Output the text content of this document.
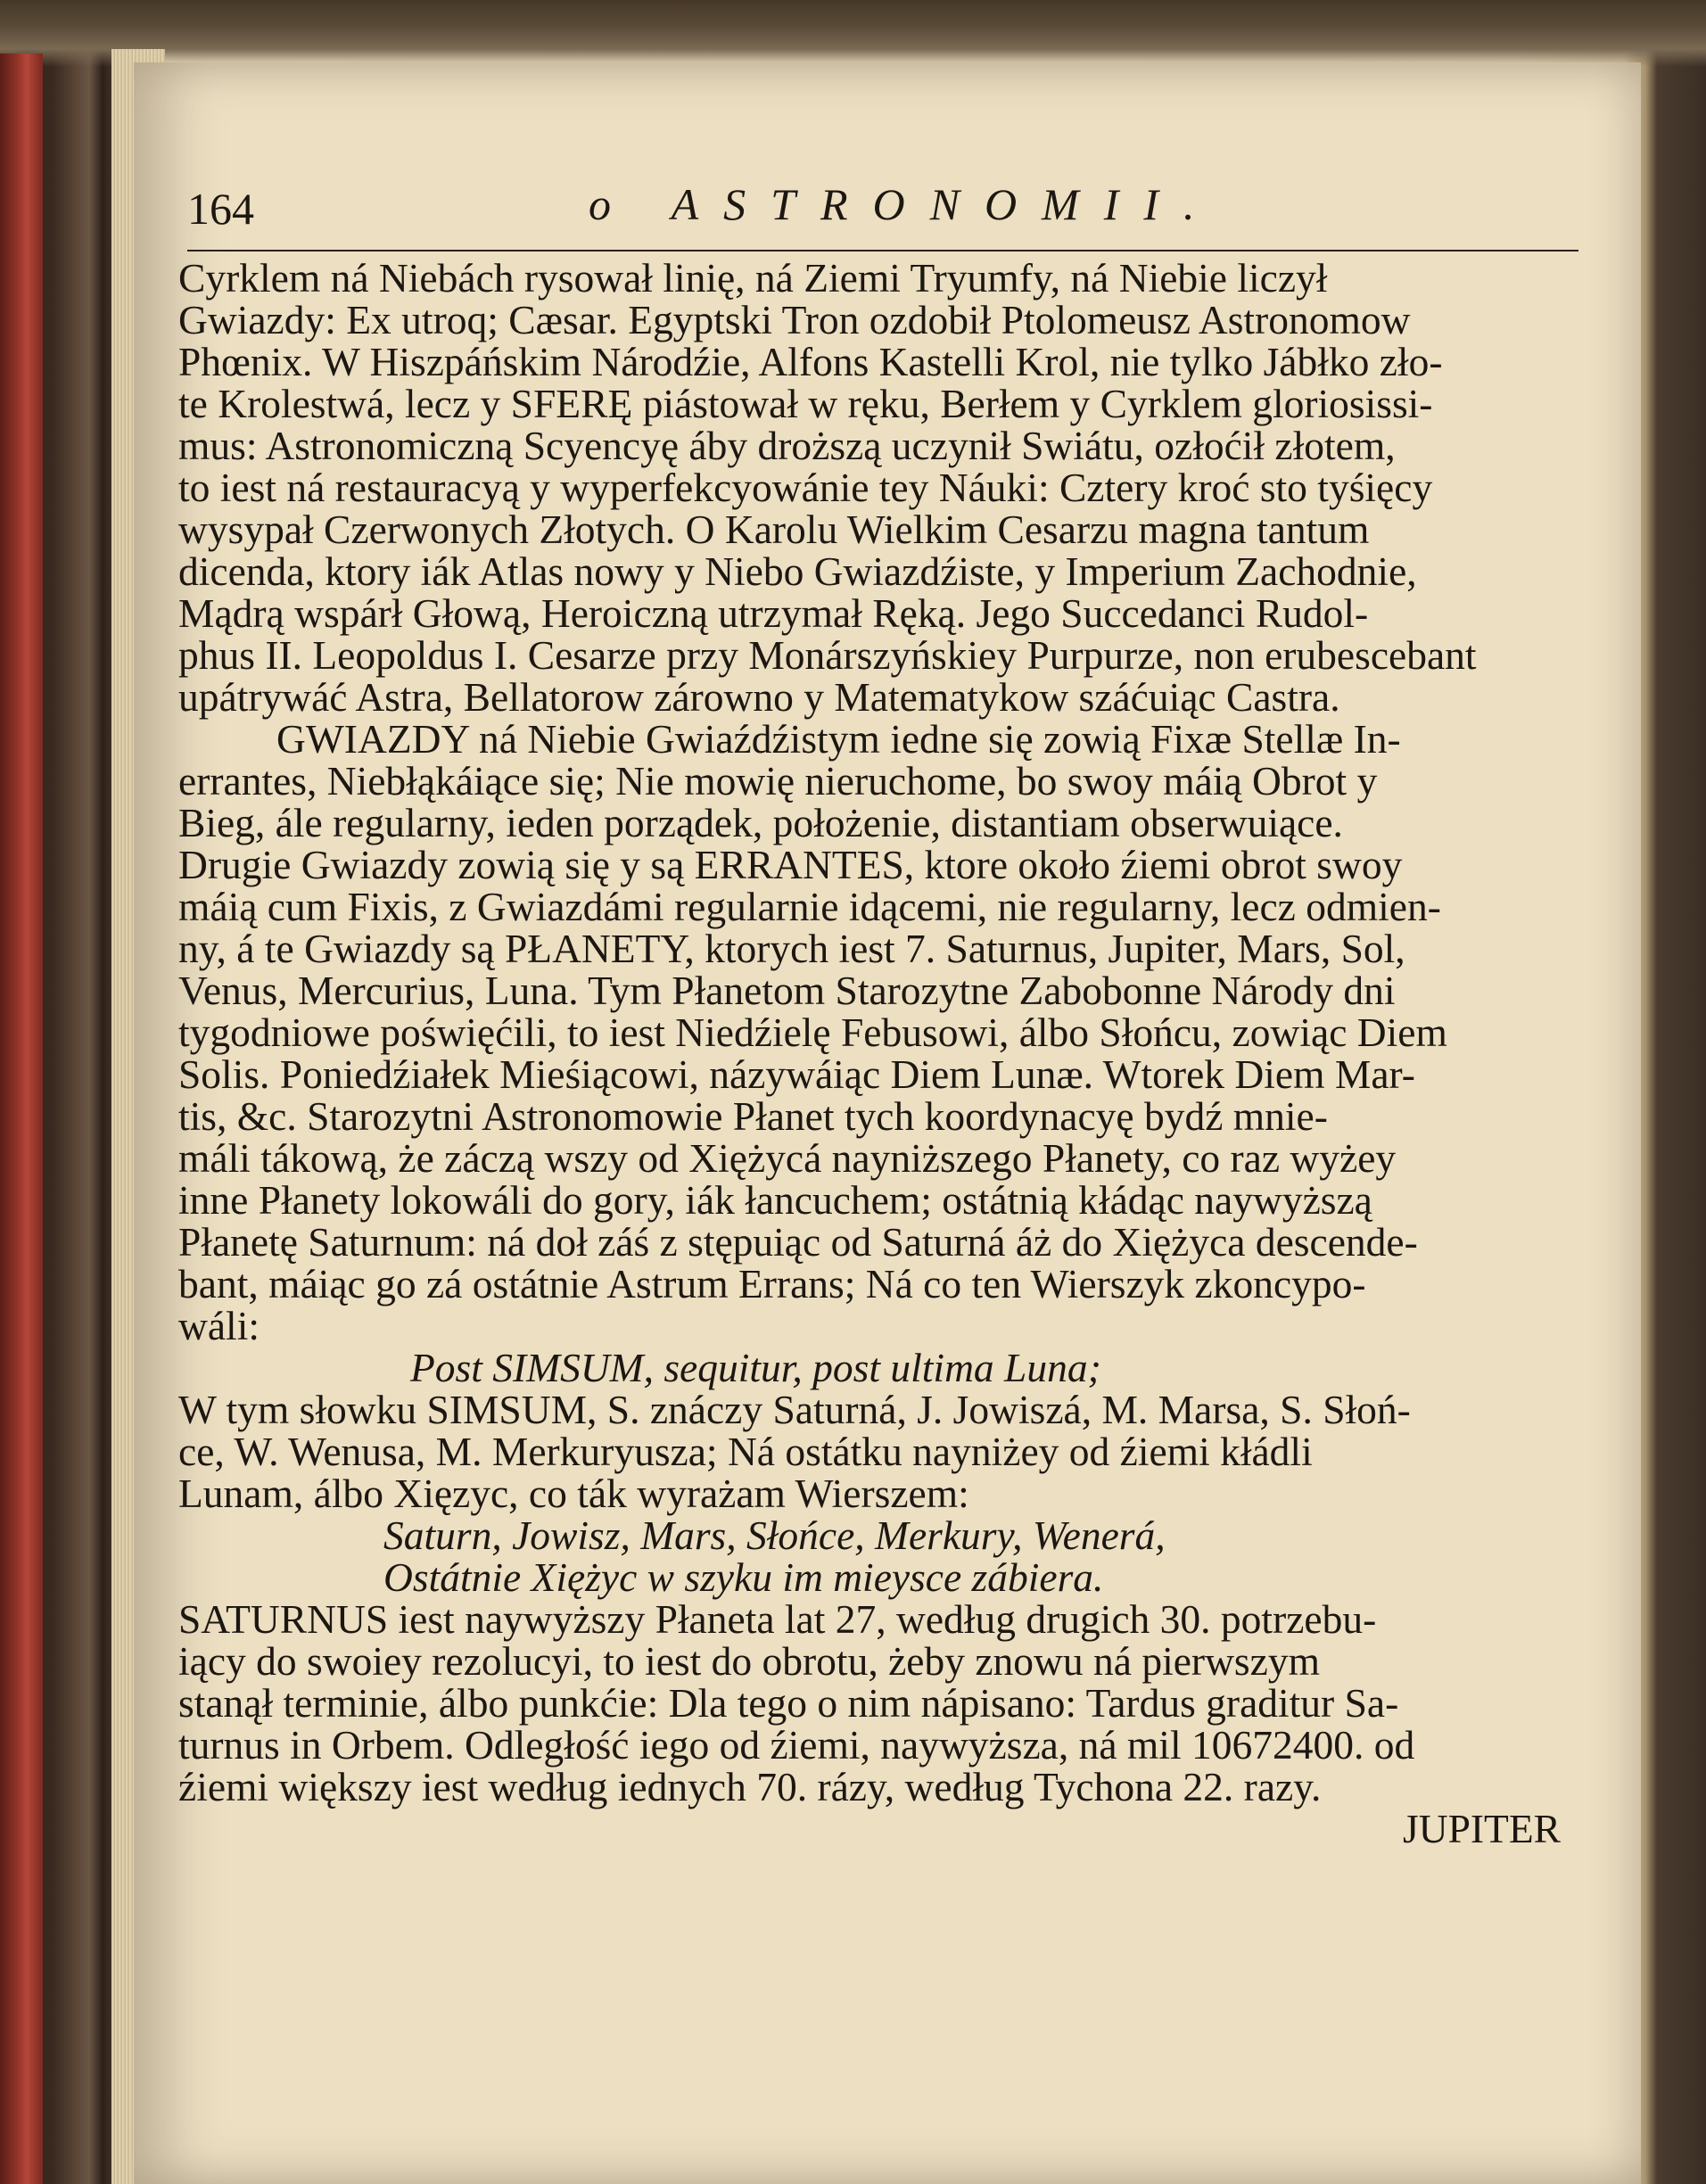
164	o ASTRONOMII.
Cyrklem ná Niebách rysował linię, ná Ziemi Tryumfy, ná Niebie liczył
Gwiazdy: Ex utroq; Cæsar. Egyptski Tron ozdobił Ptolomeusz Astronomow
Phœnix. W Hiszpáńskim Národźie, Alfons Kastelli Krol, nie tylko Jábłko zło-
te Krolestwá, lecz y SFERĘ piástował w ręku, Berłem y Cyrklem gloriosissi-
mus: Astronomiczną Scyencyę áby droższą uczynił Swiátu, ozłoćił złotem,
to iest ná restauracyą y wyperfekcyowánie tey Náuki: Cztery kroć sto tyśięcy
wysypał Czerwonych Złotych. O Karolu Wielkim Cesarzu magna tantum
dicenda, ktory iák Atlas nowy y Niebo Gwiazdźiste, y Imperium Zachodnie,
Mądrą wspárł Głową, Heroiczną utrzymał Ręką. Jego Succedanci Rudol-
phus II. Leopoldus I. Cesarze przy Monárszyńskiey Purpurze, non erubescebant
upátrywáć Astra, Bellatorow zárowno y Matematykow száćuiąc Castra.
GWIAZDY ná Niebie Gwiaźdźistym iedne się zowią Fixæ Stellæ In-
errantes, Niebłąkáiące się; Nie mowię nieruchome, bo swoy máią Obrot y
Bieg, ále regularny, ieden porządek, położenie, distantiam obserwuiące.
Drugie Gwiazdy zowią się y są ERRANTES, ktore około źiemi obrot swoy
máią cum Fixis, z Gwiazdámi regularnie idącemi, nie regularny, lecz odmien-
ny, á te Gwiazdy są PŁANETY, ktorych iest 7. Saturnus, Jupiter, Mars, Sol,
Venus, Mercurius, Luna. Tym Płanetom Starozytne Zabobonne Národy dni
tygodniowe poświęćili, to iest Niedźielę Febusowi, álbo Słońcu, zowiąc Diem
Solis. Poniedźiałek Mieśiącowi, názywáiąc Diem Lunæ. Wtorek Diem Mar-
tis, &c. Starozytni Astronomowie Płanet tych koordynacyę bydź mnie-
máli tákową, że záczą wszy od Xiężycá nayniższego Płanety, co raz wyżey
inne Płanety lokowáli do gory, iák łancuchem; ostátnią kłádąc naywyższą
Płanetę Saturnum: ná doł záś z stępuiąc od Saturná áż do Xiężyca descende-
bant, máiąc go zá ostátnie Astrum Errans; Ná co ten Wierszyk zkoncypo-
wáli:
Post SIMSUM, sequitur, post ultima Luna;
W tym słowku SIMSUM, S. znáczy Saturná, J. Jowiszá, M. Marsa, S. Słoń-
ce, W. Wenusa, M. Merkuryusza; Ná ostátku nayniżey od źiemi kłádli
Lunam, álbo Xięzyc, co ták wyrażam Wierszem:
Saturn, Jowisz, Mars, Słońce, Merkury, Wenerá,
Ostátnie Xiężyc w szyku im mieysce zábiera.
SATURNUS iest naywyższy Płaneta lat 27, według drugich 30. potrzebu-
iący do swoiey rezolucyi, to iest do obrotu, żeby znowu ná pierwszym
stanął terminie, álbo punkćie: Dla tego o nim nápisano: Tardus graditur Sa-
turnus in Orbem. Odległość iego od źiemi, naywyższa, ná mil 10672400. od
źiemi większy iest według iednych 70. rázy, według Tychona 22. razy.
JUPITER
